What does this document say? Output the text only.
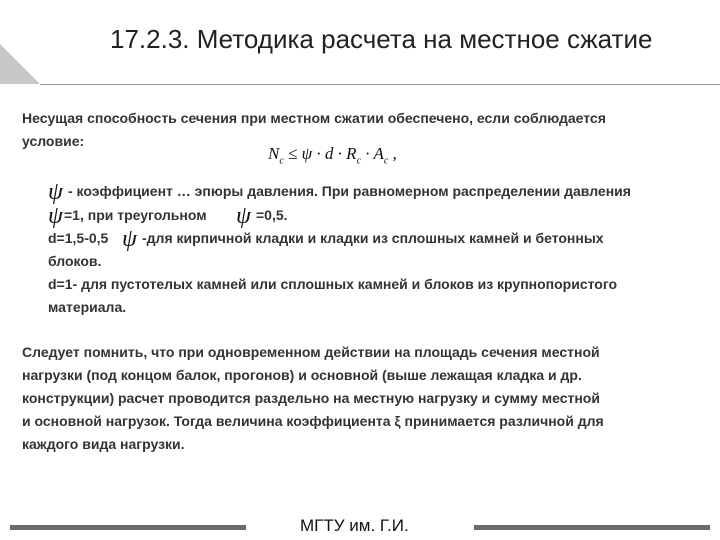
17.2.3. Методика расчета на местное сжатие
Несущая способность сечения при местном сжатии обеспечено, если соблюдается
условие:
$N_c \le \psi \cdot d \cdot R_c \cdot A_c$ ,
ψ - коэффициент … эпюры давления. При равномерном распределении давления
ψ =1, при треугольном ψ =0,5.
d=1,5-0,5 ψ -для кирпичной кладки и кладки из сплошных камней и бетонных
блоков.
d=1- для пустотелых камней или сплошных камней и блоков из крупнопористого
материала.
Следует помнить, что при одновременном действии на площадь сечения местной
нагрузки (под концом балок, прогонов) и основной (выше лежащая кладка и др.
конструкции) расчет проводится раздельно на местную нагрузку и сумму местной
и основной нагрузок. Тогда величина коэффициента ξ принимается различной для
каждого вида нагрузки.
МГТУ им. Г.И.
